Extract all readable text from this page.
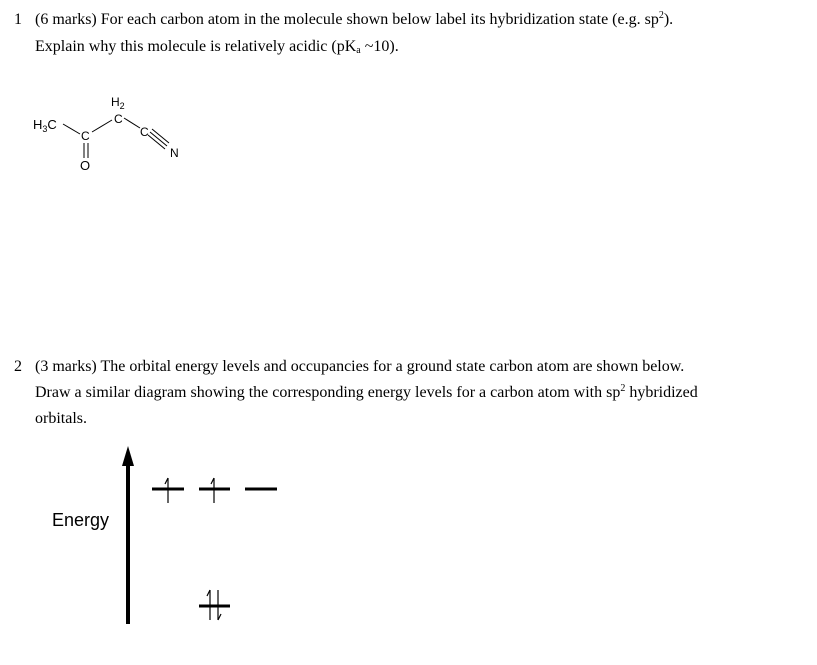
1 (6 marks) For each carbon atom in the molecule shown below label its hybridization state (e.g. $sp^2$).
Explain why this molecule is relatively acidic ($pK_a$ ~10).
$H_3C$
C
O
$H_2$
C
C
N
2 (3 marks) The orbital energy levels and occupancies for a ground state carbon atom are shown below.
Draw a similar diagram showing the corresponding energy levels for a carbon atom with $sp^2$ hybridized
orbitals.
Energy
